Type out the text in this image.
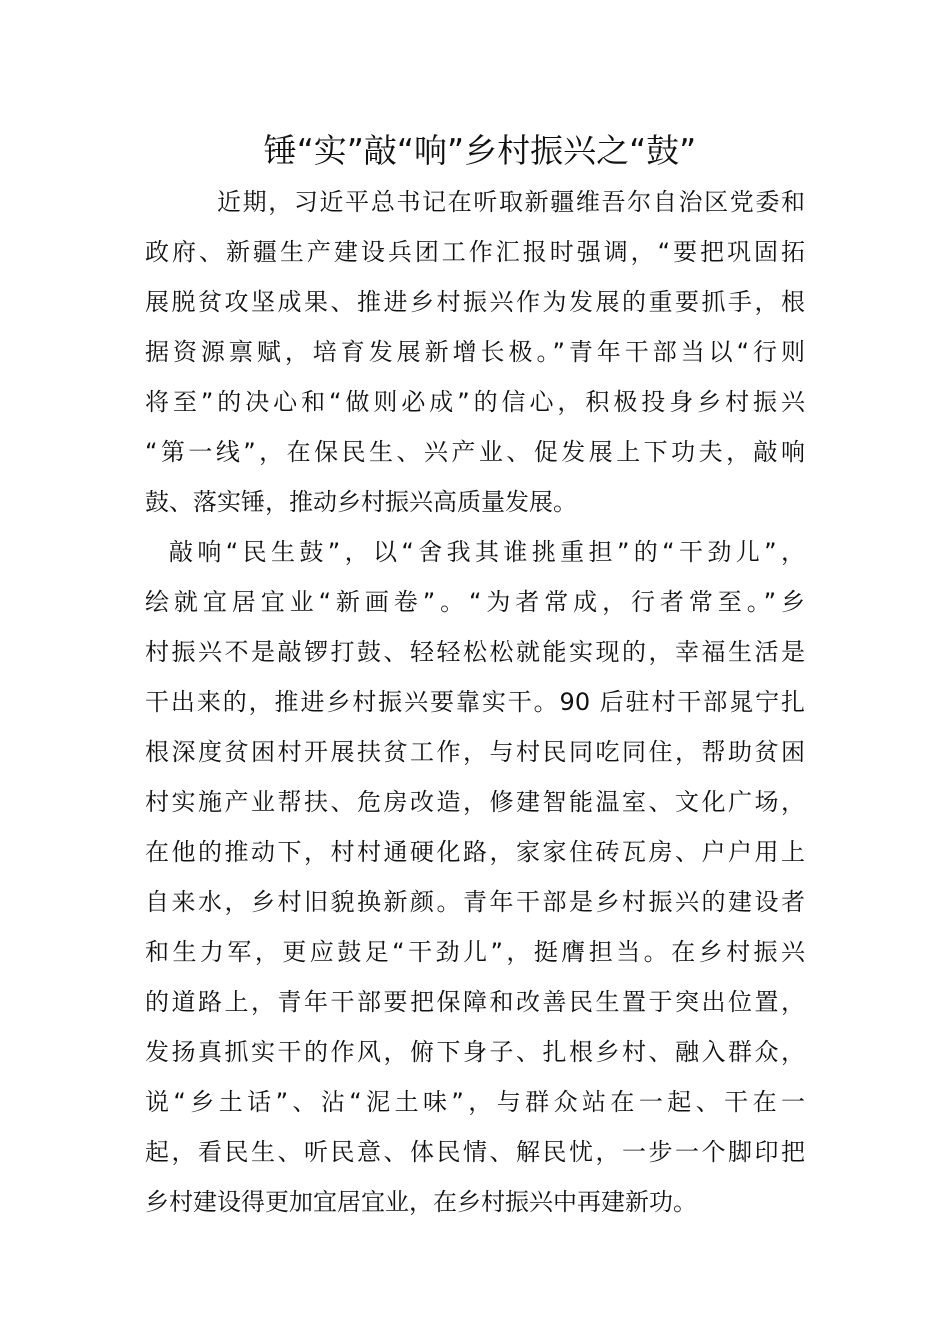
锤“实”敲“响”乡村振兴之“鼓”

近期，习近平总书记在听取新疆维吾尔自治区党委和
政府、新疆生产建设兵团工作汇报时强调，“要把巩固拓
展脱贫攻坚成果、推进乡村振兴作为发展的重要抓手，根
据资源禀赋，培育发展新增长极。”青年干部当以“行则
将至”的决心和“做则必成”的信心，积极投身乡村振兴
“第一线”，在保民生、兴产业、促发展上下功夫，敲响
鼓、落实锤，推动乡村振兴高质量发展。

敲响“民生鼓”，以“舍我其谁挑重担”的“干劲儿”，
绘就宜居宜业“新画卷”。“为者常成，行者常至。”乡
村振兴不是敲锣打鼓、轻轻松松就能实现的，幸福生活是
干出来的，推进乡村振兴要靠实干。90 后驻村干部晁宁扎
根深度贫困村开展扶贫工作，与村民同吃同住，帮助贫困
村实施产业帮扶、危房改造，修建智能温室、文化广场，
在他的推动下，村村通硬化路，家家住砖瓦房、户户用上
自来水，乡村旧貌换新颜。青年干部是乡村振兴的建设者
和生力军，更应鼓足“干劲儿”，挺膺担当。在乡村振兴
的道路上，青年干部要把保障和改善民生置于突出位置，
发扬真抓实干的作风，俯下身子、扎根乡村、融入群众，
说“乡土话”、沾“泥土味”，与群众站在一起、干在一
起，看民生、听民意、体民情、解民忧，一步一个脚印把
乡村建设得更加宜居宜业，在乡村振兴中再建新功。
